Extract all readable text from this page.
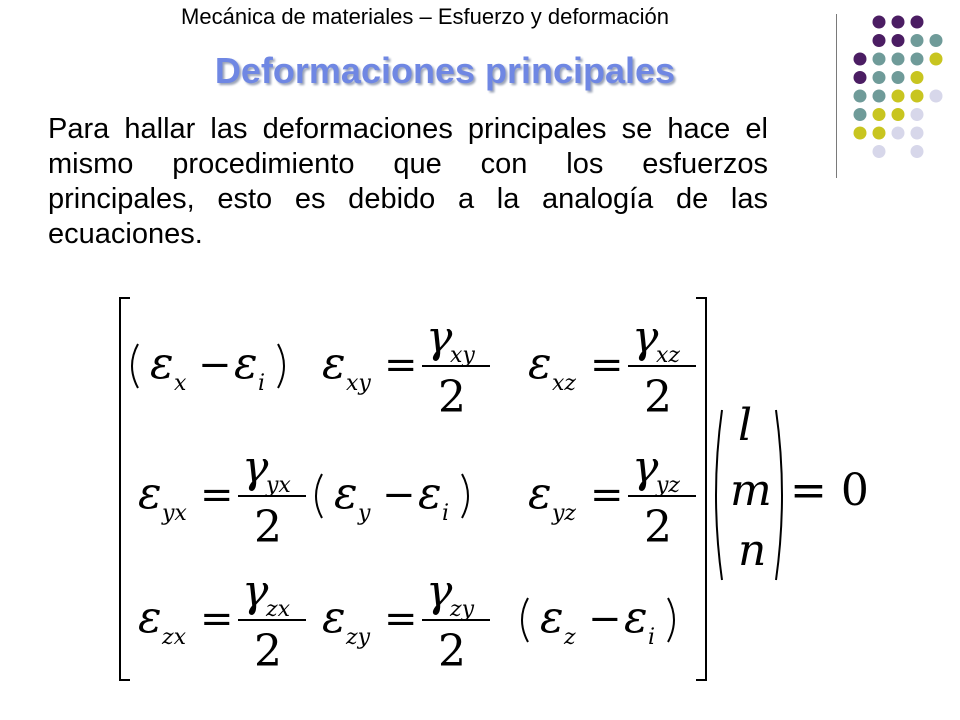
Mecánica de materiales – Esfuerzo y deformación
Deformaciones principales
Para hallar las deformaciones principales se hace el mismo procedimiento que con los esfuerzos principales, esto es debido a la analogía de las ecuaciones.
ε x − ε i ε xy =
γ
xy
2
ε xz =
γ
xz
2
ε yx =
γ
yx
2
ε y − ε i ε yz =
γ
yz
2
ε zx =
γ
zx
2
ε zy =
γ
zy
2
ε z − ε i
l
m
n
= 0
